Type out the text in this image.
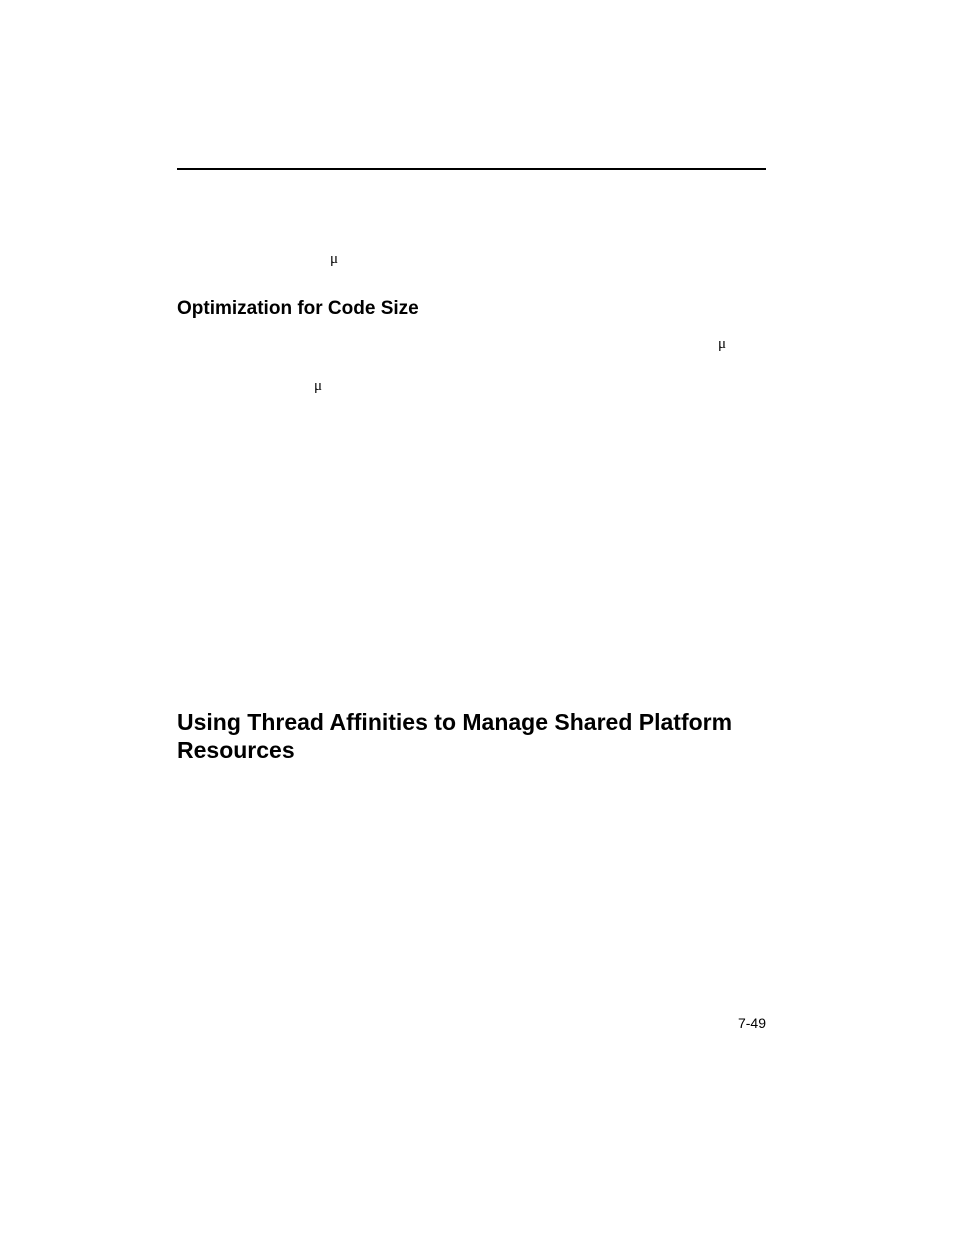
μ
Optimization for Code Size
μ
μ
Using Thread Affinities to Manage Shared Platform Resources
7-49
